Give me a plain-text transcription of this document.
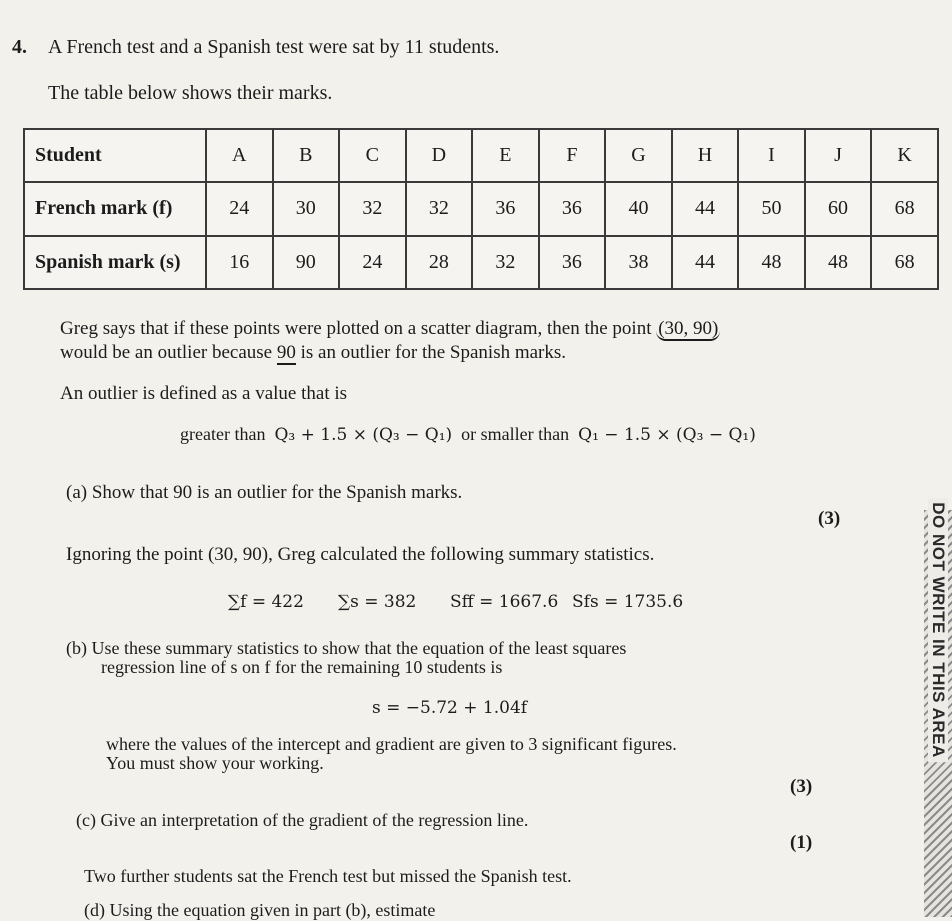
4. A French test and a Spanish test were sat by 11 students.
The table below shows their marks.
Student	A	B	C	D	E	F	G	H	I	J	K
French mark (f)	24	30	32	32	36	36	40	44	50	60	68
Spanish mark (s)	16	90	24	28	32	36	38	44	48	48	68
Greg says that if these points were plotted on a scatter diagram, then the point (30, 90)
would be an outlier because 90 is an outlier for the Spanish marks.
An outlier is defined as a value that is
greater than Q₃ + 1.5 × (Q₃ − Q₁) or smaller than Q₁ − 1.5 × (Q₃ − Q₁)
(a) Show that 90 is an outlier for the Spanish marks.
(3)
Ignoring the point (30, 90), Greg calculated the following summary statistics.
∑f = 422 ∑s = 382 Sff = 1667.6 Sfs = 1735.6
(b) Use these summary statistics to show that the equation of the least squares
regression line of s on f for the remaining 10 students is
s = −5.72 + 1.04f
where the values of the intercept and gradient are given to 3 significant figures.
You must show your working.
(3)
(c) Give an interpretation of the gradient of the regression line.
(1)
Two further students sat the French test but missed the Spanish test.
(d) Using the equation given in part (b), estimate
DO NOT WRITE IN THIS AREA
